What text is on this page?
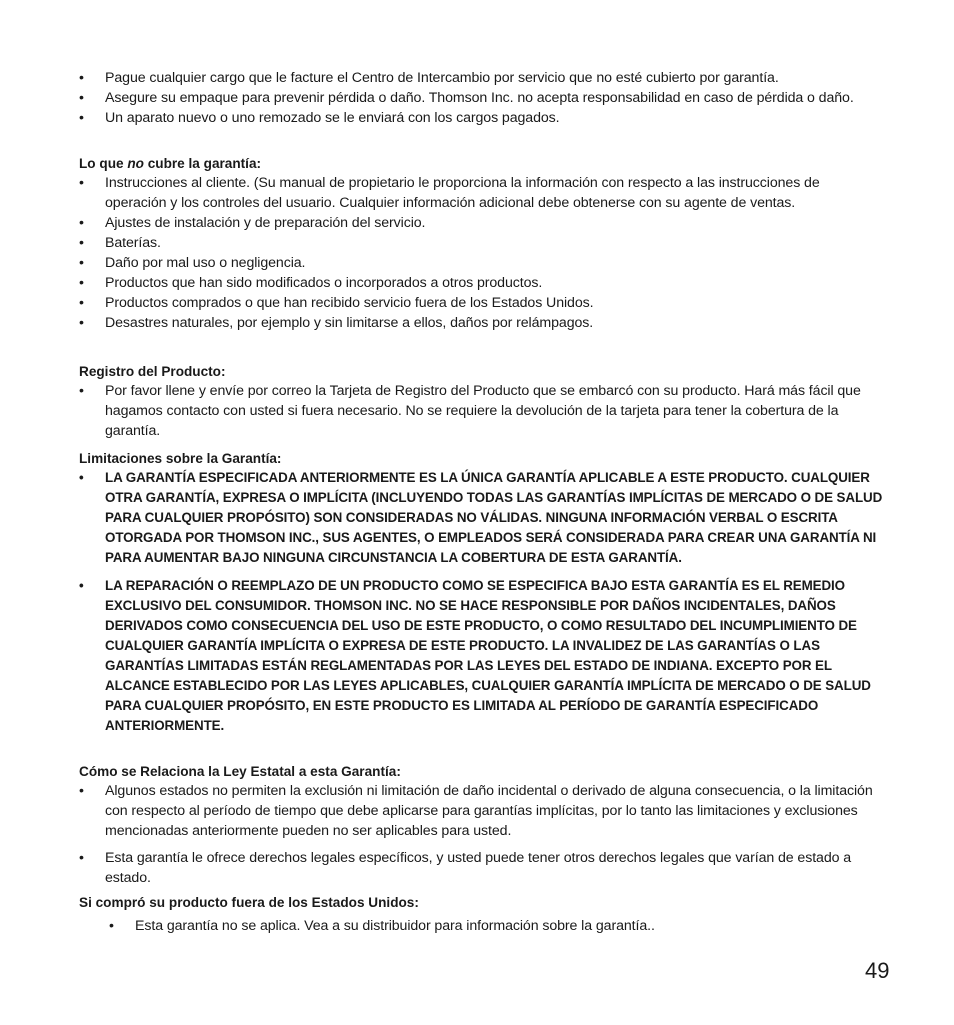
• Pague cualquier cargo que le facture el Centro de Intercambio por servicio que no esté cubierto por garantía.
• Asegure su empaque para prevenir pérdida o daño. Thomson Inc. no acepta responsabilidad en caso de pérdida o daño.
• Un aparato nuevo o uno remozado se le enviará con los cargos pagados.
Lo que no cubre la garantía:
• Instrucciones al cliente. (Su manual de propietario le proporciona la información con respecto a las instrucciones de operación y los controles del usuario. Cualquier información adicional debe obtenerse con su agente de ventas.
• Ajustes de instalación y de preparación del servicio.
• Baterías.
• Daño por mal uso o negligencia.
• Productos que han sido modificados o incorporados a otros productos.
• Productos comprados o que han recibido servicio fuera de los Estados Unidos.
• Desastres naturales, por ejemplo y sin limitarse a ellos, daños por relámpagos.
Registro del Producto:
• Por favor llene y envíe por correo la Tarjeta de Registro del Producto que se embarcó con su producto. Hará más fácil que hagamos contacto con usted si fuera necesario. No se requiere la devolución de la tarjeta para tener la cobertura de la garantía.
Limitaciones sobre la Garantía:
• LA GARANTÍA ESPECIFICADA ANTERIORMENTE ES LA ÚNICA GARANTÍA APLICABLE A ESTE PRODUCTO. CUALQUIER OTRA GARANTÍA, EXPRESA O IMPLÍCITA (INCLUYENDO TODAS LAS GARANTÍAS IMPLÍCITAS DE MERCADO O DE SALUD PARA CUALQUIER PROPÓSITO) SON CONSIDERADAS NO VÁLIDAS. NINGUNA INFORMACIÓN VERBAL O ESCRITA OTORGADA POR THOMSON INC., SUS AGENTES, O EMPLEADOS SERÁ CONSIDERADA PARA CREAR UNA GARANTÍA NI PARA AUMENTAR BAJO NINGUNA CIRCUNSTANCIA LA COBERTURA DE ESTA GARANTÍA.
• LA REPARACIÓN O REEMPLAZO DE UN PRODUCTO COMO SE ESPECIFICA BAJO ESTA GARANTÍA ES EL REMEDIO EXCLUSIVO DEL CONSUMIDOR. THOMSON INC. NO SE HACE RESPONSIBLE POR DAÑOS INCIDENTALES, DAÑOS DERIVADOS COMO CONSECUENCIA DEL USO DE ESTE PRODUCTO, O COMO RESULTADO DEL INCUMPLIMIENTO DE CUALQUIER GARANTÍA IMPLÍCITA O EXPRESA DE ESTE PRODUCTO. LA INVALIDEZ DE LAS GARANTÍAS O LAS GARANTÍAS LIMITADAS ESTÁN REGLAMENTADAS POR LAS LEYES DEL ESTADO DE INDIANA. EXCEPTO POR EL ALCANCE ESTABLECIDO POR LAS LEYES APLICABLES, CUALQUIER GARANTÍA IMPLÍCITA DE MERCADO O DE SALUD PARA CUALQUIER PROPÓSITO, EN ESTE PRODUCTO ES LIMITADA AL PERÍODO DE GARANTÍA ESPECIFICADO ANTERIORMENTE.
Cómo se Relaciona la Ley Estatal a esta Garantía:
• Algunos estados no permiten la exclusión ni limitación de daño incidental o derivado de alguna consecuencia, o la limitación con respecto al período de tiempo que debe aplicarse para garantías implícitas, por lo tanto las limitaciones y exclusiones mencionadas anteriormente pueden no ser aplicables para usted.
• Esta garantía le ofrece derechos legales específicos, y usted puede tener otros derechos legales que varían de estado a estado.
Si compró su producto fuera de los Estados Unidos:
• Esta garantía no se aplica. Vea a su distribuidor para información sobre la garantía..
49
